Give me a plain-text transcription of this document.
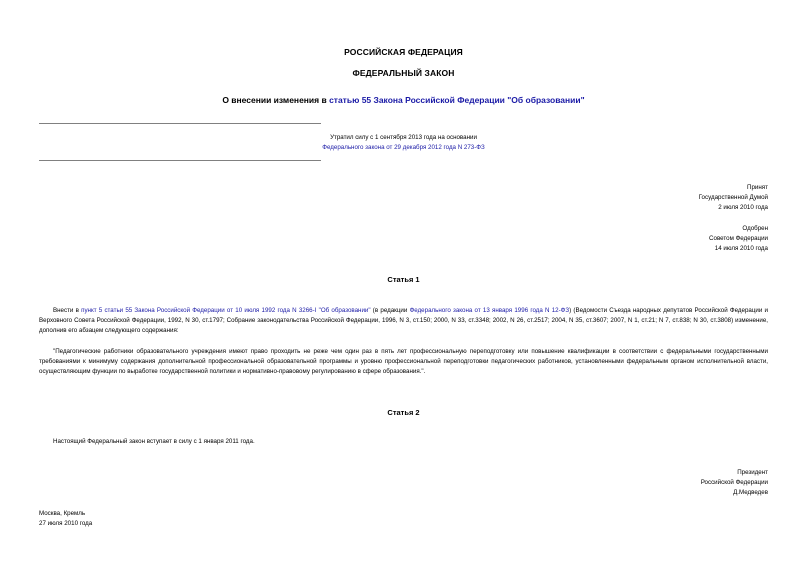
РОССИЙСКАЯ ФЕДЕРАЦИЯ
ФЕДЕРАЛЬНЫЙ ЗАКОН
О внесении изменения в статью 55 Закона Российской Федерации "Об образовании"
Утратил силу с 1 сентября 2013 года на основании
Федерального закона от 29 декабря 2012 года N 273-ФЗ
Принят
Государственной Думой
2 июля 2010 года
Одобрен
Советом Федерации
14 июля 2010 года
Статья 1
Внести в пункт 5 статьи 55 Закона Российской Федерации от 10 июля 1992 года N 3266-I "Об образовании" (в редакции Федерального закона от 13 января 1996 года N 12-ФЗ) (Ведомости Съезда народных депутатов Российской Федерации и Верховного Совета Российской Федерации, 1992, N 30, ст.1797; Собрание законодательства Российской Федерации, 1996, N 3, ст.150; 2000, N 33, ст.3348; 2002, N 26, ст.2517; 2004, N 35, ст.3607; 2007, N 1, ст.21; N 7, ст.838; N 30, ст.3808) изменение, дополнив его абзацем следующего содержания:
"Педагогические работники образовательного учреждения имеют право проходить не реже чем один раз в пять лет профессиональную переподготовку или повышение квалификации в соответствии с федеральными государственными требованиями к минимуму содержания дополнительной профессиональной образовательной программы и уровню профессиональной переподготовки педагогических работников, установленными федеральным органом исполнительной власти, осуществляющим функции по выработке государственной политики и нормативно-правовому регулированию в сфере образования.".
Статья 2
Настоящий Федеральный закон вступает в силу с 1 января 2011 года.
Президент
Российской Федерации
Д.Медведев
Москва, Кремль
27 июля 2010 года
